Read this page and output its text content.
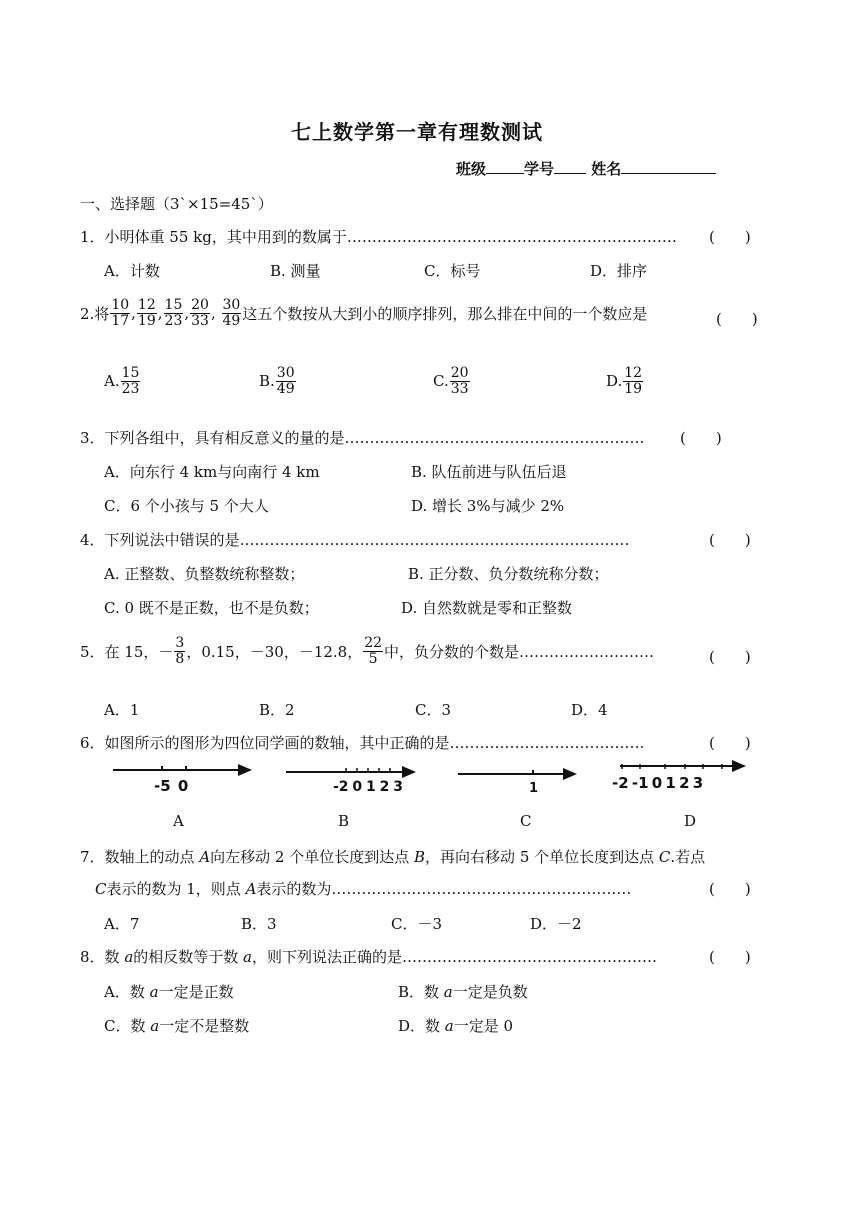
七上数学第一章有理数测试
班级	学号 姓名
一、选择题（3`×15=45`）
1．小明体重 55 kg，其中用到的数属于………………………………………………………… (　　)
A．计数	B. 测量	C．标号	D．排序
2.将 $\frac{10}{17}$ , $\frac{12}{19}$ , $\frac{15}{23}$ , $\frac{20}{33}$ , $\frac{30}{49}$ 这五个数按从大到小的顺序排列，那么排在中间的一个数应是	(　　)
A. $\frac{15}{23}$	B. $\frac{30}{49}$	C. $\frac{20}{33}$	D. $\frac{12}{19}$
3．下列各组中，具有相反意义的量的是…………………………………………………… (　　)
A．向东行 4 km与向南行 4 km	B. 队伍前进与队伍后退
C．6 个小孩与 5 个大人	D. 增长 3%与减少 2%
4．下列说法中错误的是……………………………………………………………………	(　　)
A. 正整数、负整数统称整数；	B. 正分数、负分数统称分数；
C. 0 既不是正数，也不是负数；	D. 自然数就是零和正整数
5．在 15，－ $\frac{3}{8}$ ，0.15，－30，－12.8， $\frac{22}{5}$ 中，负分数的个数是………………………	(　　)
A．1	B．2	C．3	D．4
6．如图所示的图形为四位同学画的数轴，其中正确的是…………………………………	(　　)
-5 0	-2 0 1 2 3	1	-2 -1 0 1 2 3
A	B	C	D
7．数轴上的动点 A向左移动 2 个单位长度到达点 B，再向右移动 5 个单位长度到达点 C.若点
C表示的数为 1，则点 A表示的数为……………………………………………………	(　　)
A．7	B．3	C．－3	D．－2
8．数 a的相反数等于数 a，则下列说法正确的是……………………………………………	(　　)
A．数 a一定是正数	B．数 a一定是负数
C．数 a一定不是整数	D．数 a一定是 0
